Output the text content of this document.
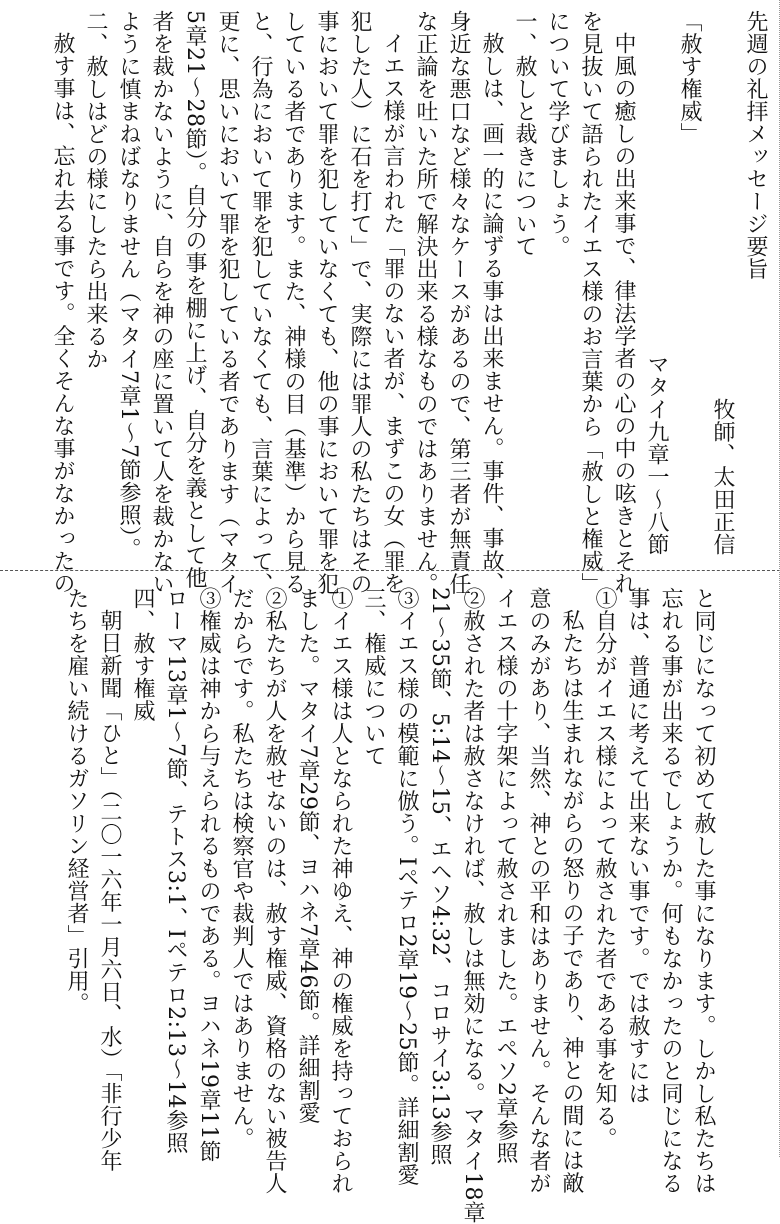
先週の礼拝メッセージ要旨
牧師、太田正信
「赦す権威」
マタイ九章一～八節
中風の癒しの出来事で、律法学者の心の中の呟きとそれ
を見抜いて語られたイエス様のお言葉から「赦しと権威」
について学びましょう。
一、赦しと裁きについて
赦しは、画一的に論ずる事は出来ません。事件、事故、
身近な悪口など様々なケースがあるので、第三者が無責任
な正論を吐いた所で解決出来る様なものではありません。
イエス様が言われた「罪のない者が、まずこの女（罪を
犯した人）に石を打て」で、実際には罪人の私たちはその
事において罪を犯していなくても、他の事において罪を犯
している者であります。また、神様の目（基準）から見る
と、行為において罪を犯していなくても、言葉によって、
更に、思いにおいて罪を犯している者であります（マタイ
5章21～28節）。自分の事を棚に上げ、自分を義として他
者を裁かないように、自らを神の座に置いて人を裁かない
ように慎まねばなりません（マタイ7章1～7節参照）。
二、赦しはどの様にしたら出来るか
赦す事は、忘れ去る事です。全くそんな事がなかったの
と同じになって初めて赦した事になります。しかし私たちは
忘れる事が出来るでしょうか。何もなかったのと同じになる
事は、普通に考えて出来ない事です。では赦すには
①自分がイエス様によって赦された者である事を知る。
私たちは生まれながらの怒りの子であり、神との間には敵
意のみがあり、当然、神との平和はありません。そんな者が
イエス様の十字架によって赦されました。エペソ2章参照
②赦された者は赦さなければ、赦しは無効になる。マタイ18章
21～35節、5:14～15、エヘソ4:32、コロサイ3:13参照
③イエス様の模範に倣う。Iペテロ2章19～25節。詳細割愛
三、権威について
①イエス様は人となられた神ゆえ、神の権威を持っておられ
ました。マタイ7章29節、ヨハネ7章46節。詳細割愛
②私たちが人を赦せないのは、赦す権威、資格のない被告人
だからです。私たちは検察官や裁判人ではありません。
③権威は神から与えられるものである。ヨハネ19章11節
ローマ13章1～7節、テトス3:1、Iペテロ2:13～14参照
四、赦す権威
朝日新聞「ひと」（二〇一六年一月六日、水）「非行少年
たちを雇い続けるガソリン経営者」引用。
